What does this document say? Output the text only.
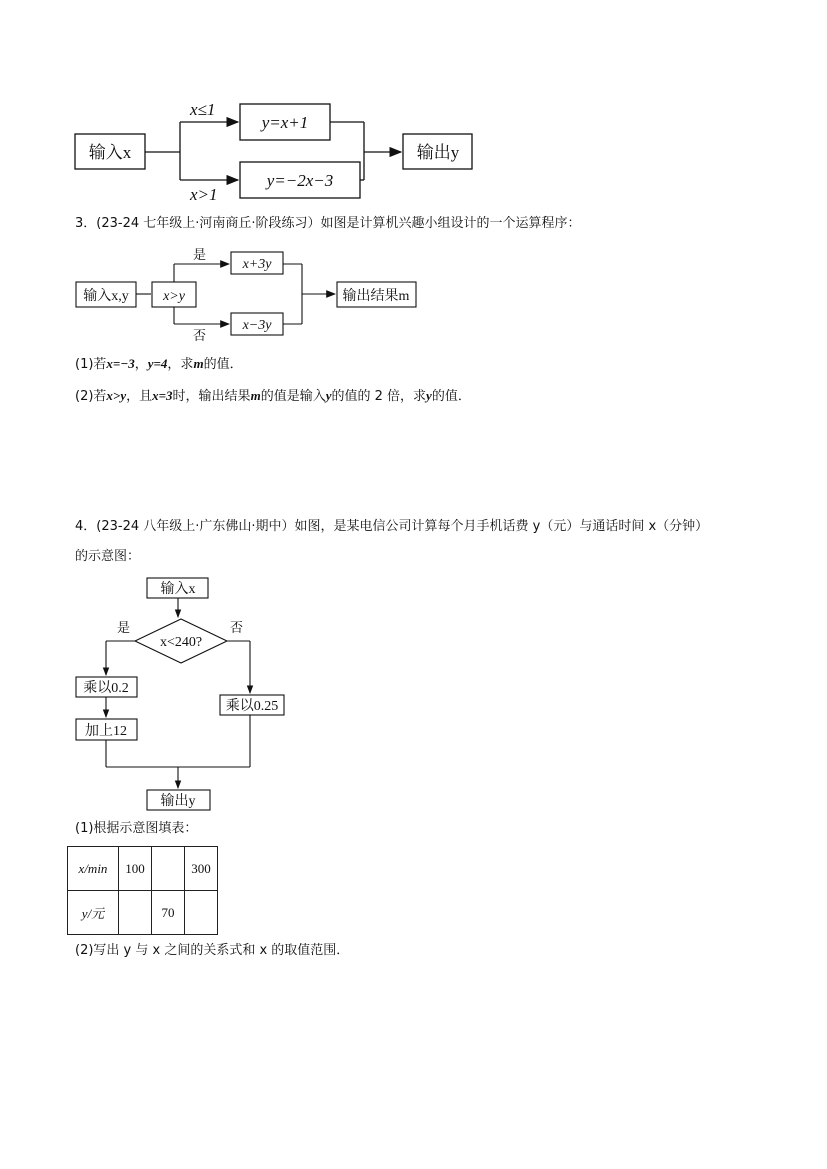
输入x
x≤1
x>1
y=x+1
y=−2x−3
输出y
3．(23-24 七年级上·河南商丘·阶段练习）如图是计算机兴趣小组设计的一个运算程序：
输入x,y x>y
是
否
x+3y
x−3y
输出结果m
(1)若x=−3，y=4，求m的值．
(2)若x>y，且x=3时，输出结果m的值是输入y的值的 2 倍，求y的值．
4．(23-24 八年级上·广东佛山·期中）如图，是某电信公司计算每个月手机话费 y（元）与通话时间 x（分钟）
的示意图：
输入x
x<240?
是	否
乘以0.2
加上12
乘以0.25
输出y
(1)根据示意图填表：
x/min	100		300
y/元		70	
(2)写出 y 与 x 之间的关系式和 x 的取值范围．
